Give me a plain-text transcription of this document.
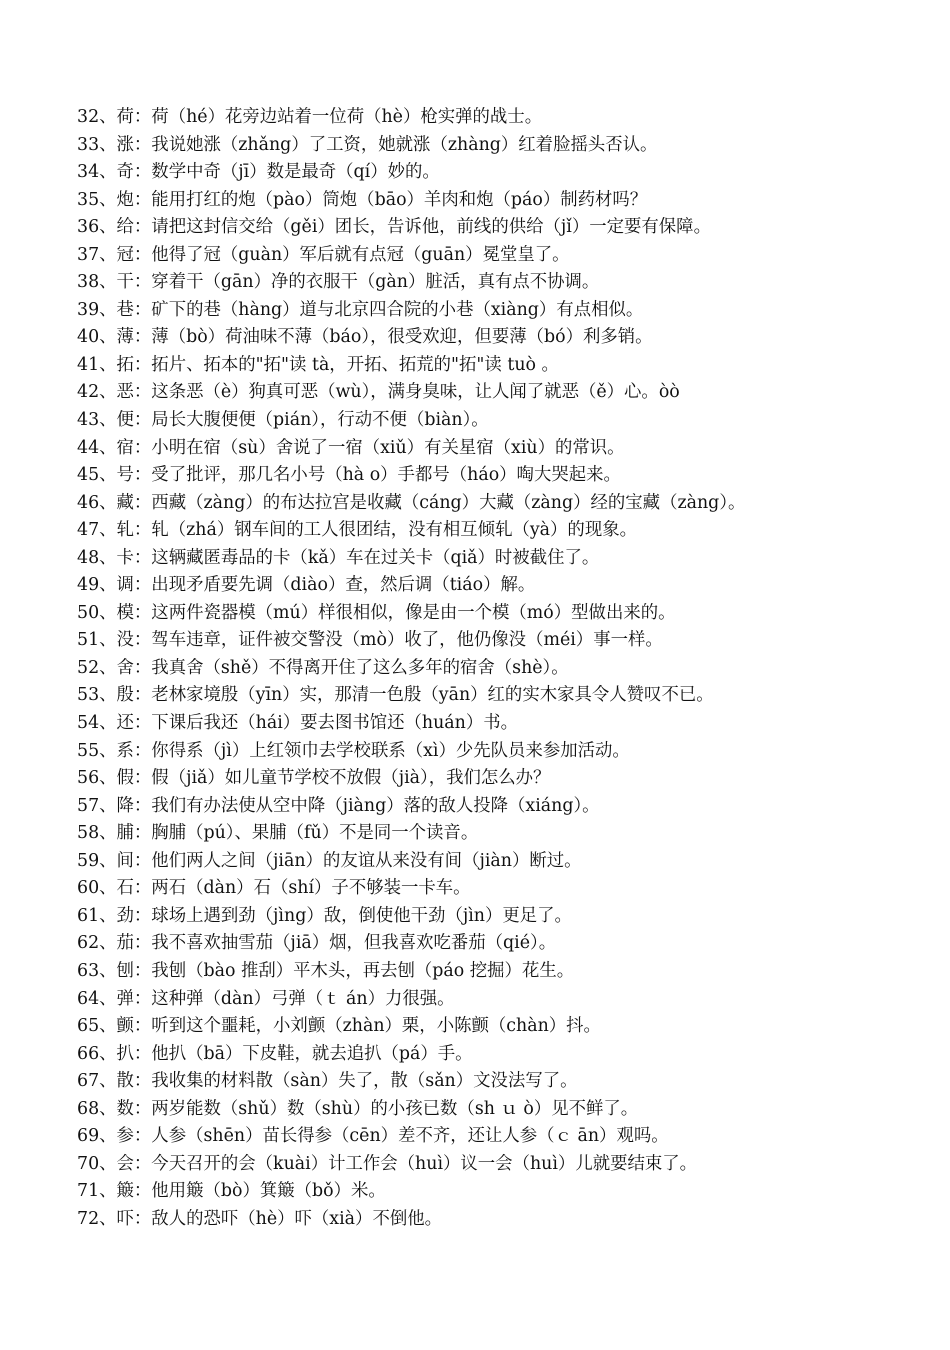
32、荷：荷（hé）花旁边站着一位荷（hè）枪实弹的战士。
33、涨：我说她涨（zhǎng）了工资，她就涨（zhàng）红着脸摇头否认。
34、奇：数学中奇（jī）数是最奇（qí）妙的。
35、炮：能用打红的炮（pào）筒炮（bāo）羊肉和炮（páo）制药材吗？
36、给：请把这封信交给（gěi）团长，告诉他，前线的供给（jǐ）一定要有保障。
37、冠：他得了冠（guàn）军后就有点冠（guān）冕堂皇了。
38、干：穿着干（gān）净的衣服干（gàn）脏活，真有点不协调。
39、巷：矿下的巷（hàng）道与北京四合院的小巷（xiàng）有点相似。
40、薄：薄（bò）荷油味不薄（báo），很受欢迎，但要薄（bó）利多销。
41、拓：拓片、拓本的"拓"读 tà，开拓、拓荒的"拓"读 tuò 。
42、恶：这条恶（è）狗真可恶（wù），满身臭味，让人闻了就恶（ě）心。òò
43、便：局长大腹便便（pián），行动不便（biàn）。
44、宿：小明在宿（sù）舍说了一宿（xiǔ）有关星宿（xiù）的常识。
45、号：受了批评，那几名小号（hà ο）手都号（háo）啕大哭起来。
46、藏：西藏（zàng）的布达拉宫是收藏（cáng）大藏（zàng）经的宝藏（zàng）。
47、轧：轧（zhá）钢车间的工人很团结，没有相互倾轧（yà）的现象。
48、卡：这辆藏匿毒品的卡（kǎ）车在过关卡（qiǎ）时被截住了。
49、调：出现矛盾要先调（diào）查，然后调（tiáo）解。
50、模：这两件瓷器模（mú）样很相似，像是由一个模（mó）型做出来的。
51、没：驾车违章，证件被交警没（mò）收了，他仍像没（méi）事一样。
52、舍：我真舍（shě）不得离开住了这么多年的宿舍（shè）。
53、殷：老林家境殷（yīn）实，那清一色殷（yān）红的实木家具令人赞叹不已。
54、还：下课后我还（hái）要去图书馆还（huán）书。
55、系：你得系（jì）上红领巾去学校联系（xì）少先队员来参加活动。
56、假：假（jiǎ）如儿童节学校不放假（jià），我们怎么办？
57、降：我们有办法使从空中降（jiàng）落的敌人投降（xiáng）。
58、脯：胸脯（pú）、果脯（fǔ）不是同一个读音。
59、间：他们两人之间（jiān）的友谊从来没有间（jiàn）断过。
60、石：两石（dàn）石（shí）子不够装一卡车。
61、劲：球场上遇到劲（jìng）敌，倒使他干劲（jìn）更足了。
62、茄：我不喜欢抽雪茄（jiā）烟，但我喜欢吃番茄（qié）。
63、刨：我刨（bào 推刮）平木头，再去刨（páo 挖掘）花生。
64、弹：这种弹（dàn）弓弹（ｔ án）力很强。
65、颤：听到这个噩耗，小刘颤（zhàn）栗，小陈颤（chàn）抖。
66、扒：他扒（bā）下皮鞋，就去追扒（pá）手。
67、散：我收集的材料散（sàn）失了，散（sǎn）文没法写了。
68、数：两岁能数（shǔ）数（shù）的小孩已数（sh ｕ ò）见不鲜了。
69、参：人参（shēn）苗长得参（cēn）差不齐，还让人参（ｃ ān）观吗。
70、会：今天召开的会（kuài）计工作会（huì）议一会（huì）儿就要结束了。
71、簸：他用簸（bò）箕簸（bǒ）米。
72、吓：敌人的恐吓（hè）吓（xià）不倒他。
